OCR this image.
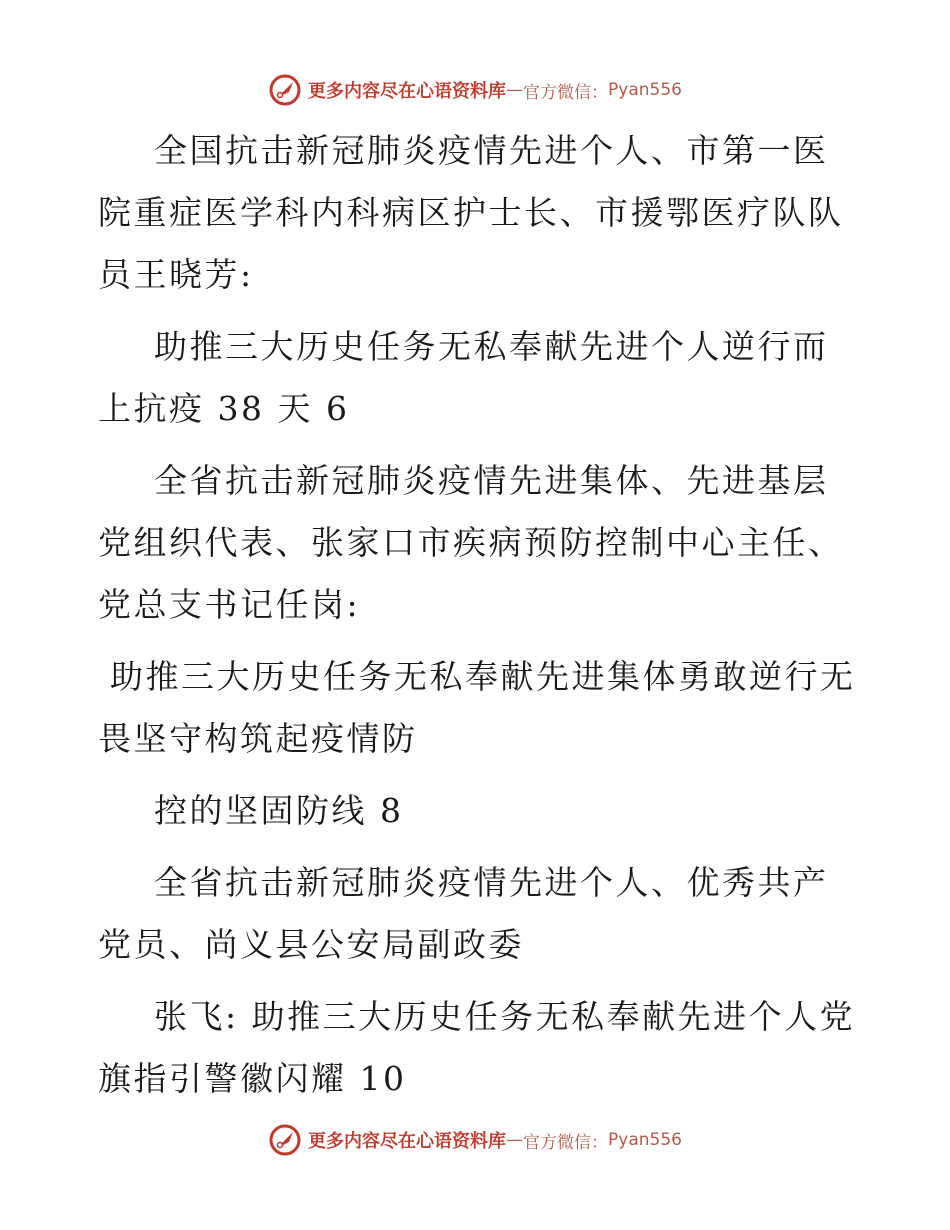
更多内容尽在心语资料库 — 官方微信： Pyan556

全国抗击新冠肺炎疫情先进个人、市第一医院重症医学科内科病区护士长、市援鄂医疗队队员王晓芳:

助推三大历史任务无私奉献先进个人逆行而上抗疫 38 天 6

全省抗击新冠肺炎疫情先进集体、先进基层党组织代表、张家口市疾病预防控制中心主任、党总支书记任岗:

助推三大历史任务无私奉献先进集体勇敢逆行无畏坚守构筑起疫情防

控的坚固防线 8

全省抗击新冠肺炎疫情先进个人、优秀共产党员、尚义县公安局副政委

张飞: 助推三大历史任务无私奉献先进个人党旗指引警徽闪耀 10

更多内容尽在心语资料库 — 官方微信： Pyan556
